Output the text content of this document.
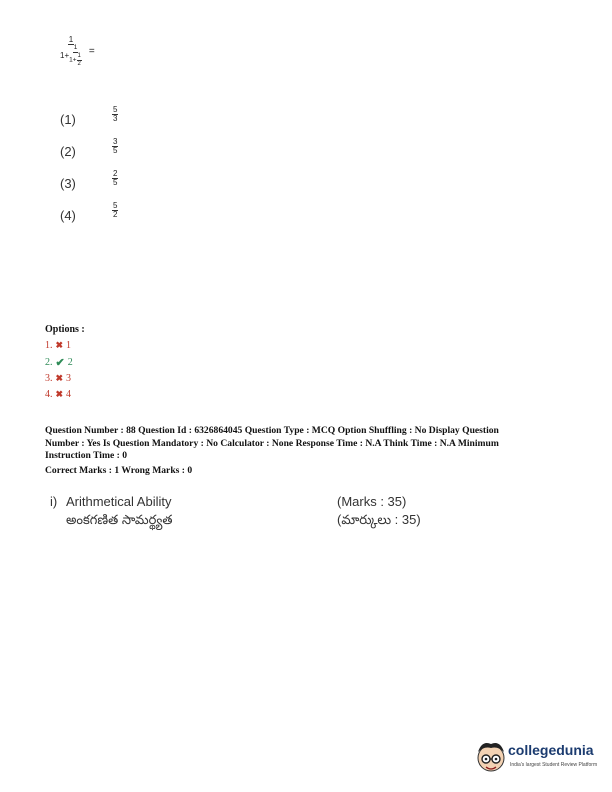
1
$1+ \frac{1}{1+ \frac{1}{2}}$ =
(1)	$\frac{5}{3}$
(2)	$\frac{3}{5}$
(3)	$\frac{2}{5}$
(4)	$\frac{5}{2}$
Options :
1. ✖ 1
2. ✔ 2
3. ✖ 3
4. ✖ 4
Question Number : 88 Question Id : 6326864045 Question Type : MCQ Option Shuffling : No Display Question
Number : Yes Is Question Mandatory : No Calculator : None Response Time : N.A Think Time : N.A Minimum
Instruction Time : 0
Correct Marks : 1 Wrong Marks : 0
i) Arithmetical Ability	(Marks : 35)
అంకగణిత సామర్థ్యత	(మార్కులు : 35)
collegedunia
India's largest Student Review Platform
